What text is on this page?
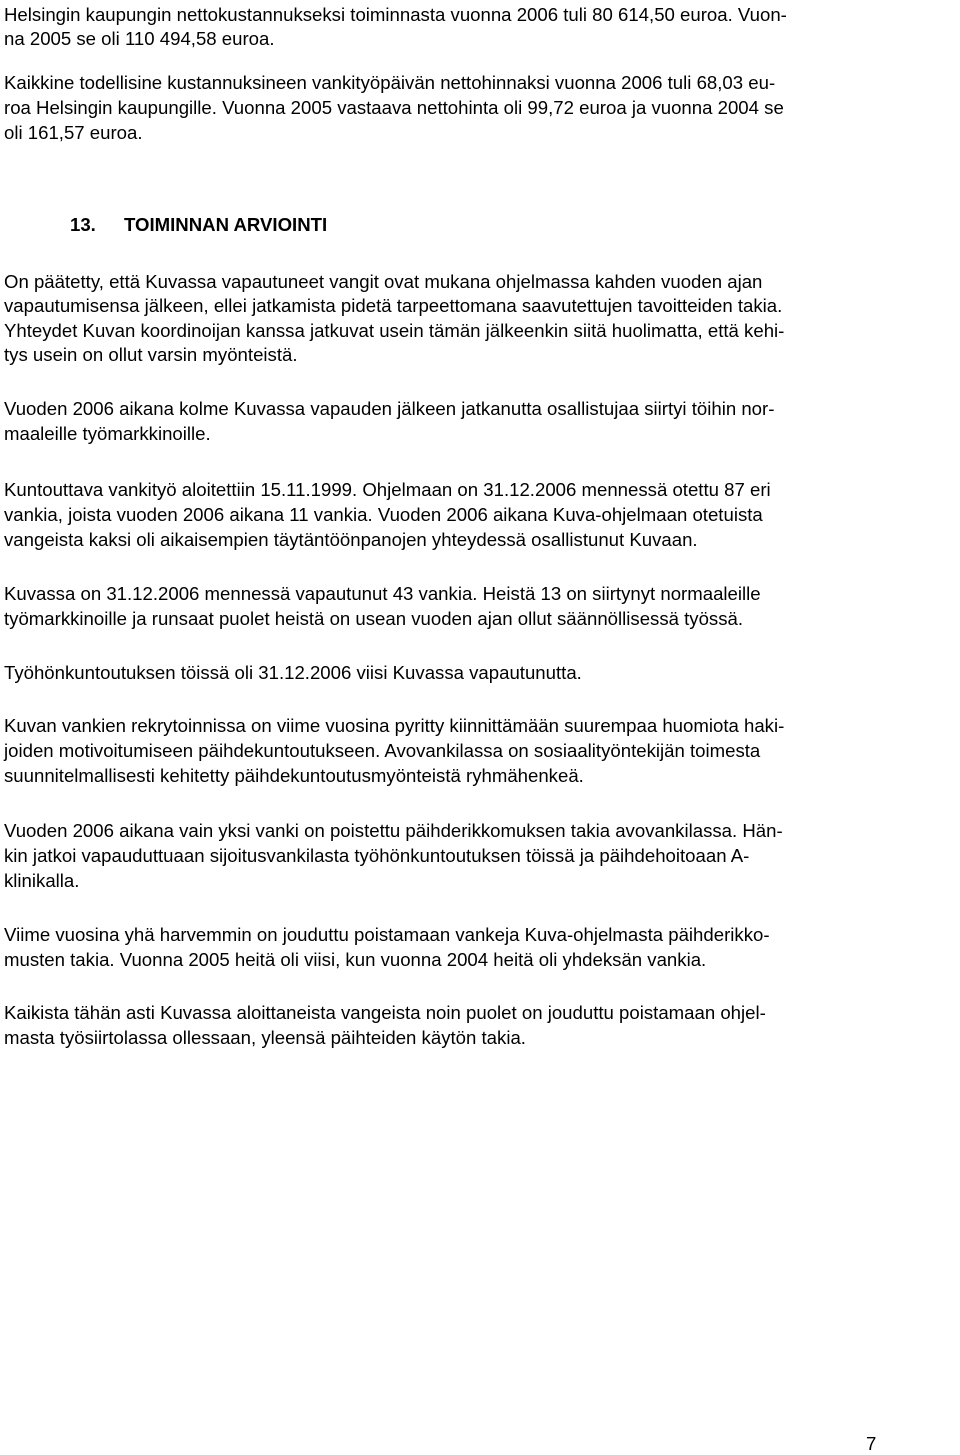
Helsingin kaupungin nettokustannukseksi toiminnasta vuonna 2006 tuli 80 614,50 euroa. Vuon-

na 2005 se oli 110 494,58 euroa.

Kaikkine todellisine kustannuksineen vankityöpäivän nettohinnaksi vuonna 2006 tuli 68,03 eu-

roa Helsingin kaupungille. Vuonna 2005 vastaava nettohinta oli 99,72 euroa ja vuonna 2004 se

oli 161,57 euroa.

13. TOIMINNAN ARVIOINTI

On päätetty, että Kuvassa vapautuneet vangit ovat mukana ohjelmassa kahden vuoden ajan

vapautumisensa jälkeen, ellei jatkamista pidetä tarpeettomana saavutettujen tavoitteiden takia.

Yhteydet Kuvan koordinoijan kanssa jatkuvat usein tämän jälkeenkin siitä huolimatta, että kehi-

tys usein on ollut varsin myönteistä.

Vuoden 2006 aikana kolme Kuvassa vapauden jälkeen jatkanutta osallistujaa siirtyi töihin nor-

maaleille työmarkkinoille.

Kuntouttava vankityö aloitettiin 15.11.1999. Ohjelmaan on 31.12.2006 mennessä otettu 87 eri

vankia, joista vuoden 2006 aikana 11 vankia. Vuoden 2006 aikana Kuva-ohjelmaan otetuista

vangeista kaksi oli aikaisempien täytäntöönpanojen yhteydessä osallistunut Kuvaan.

Kuvassa on 31.12.2006 mennessä vapautunut 43 vankia. Heistä 13 on siirtynyt normaaleille

työmarkkinoille ja runsaat puolet heistä on usean vuoden ajan ollut säännöllisessä työssä.

Työhönkuntoutuksen töissä oli 31.12.2006 viisi Kuvassa vapautunutta.

Kuvan vankien rekrytoinnissa on viime vuosina pyritty kiinnittämään suurempaa huomiota haki-

joiden motivoitumiseen päihdekuntoutukseen. Avovankilassa on sosiaalityöntekijän toimesta

suunnitelmallisesti kehitetty päihdekuntoutusmyönteistä ryhmähenkeä.

Vuoden 2006 aikana vain yksi vanki on poistettu päihderikkomuksen takia avovankilassa. Hän-

kin jatkoi vapauduttuaan sijoitusvankilasta työhönkuntoutuksen töissä ja päihdehoitoaan A-

klinikalla.

Viime vuosina yhä harvemmin on jouduttu poistamaan vankeja Kuva-ohjelmasta päihderikko-

musten takia. Vuonna 2005 heitä oli viisi, kun vuonna 2004 heitä oli yhdeksän vankia.

Kaikista tähän asti Kuvassa aloittaneista vangeista noin puolet on jouduttu poistamaan ohjel-

masta työsiirtolassa ollessaan, yleensä päihteiden käytön takia.

7
